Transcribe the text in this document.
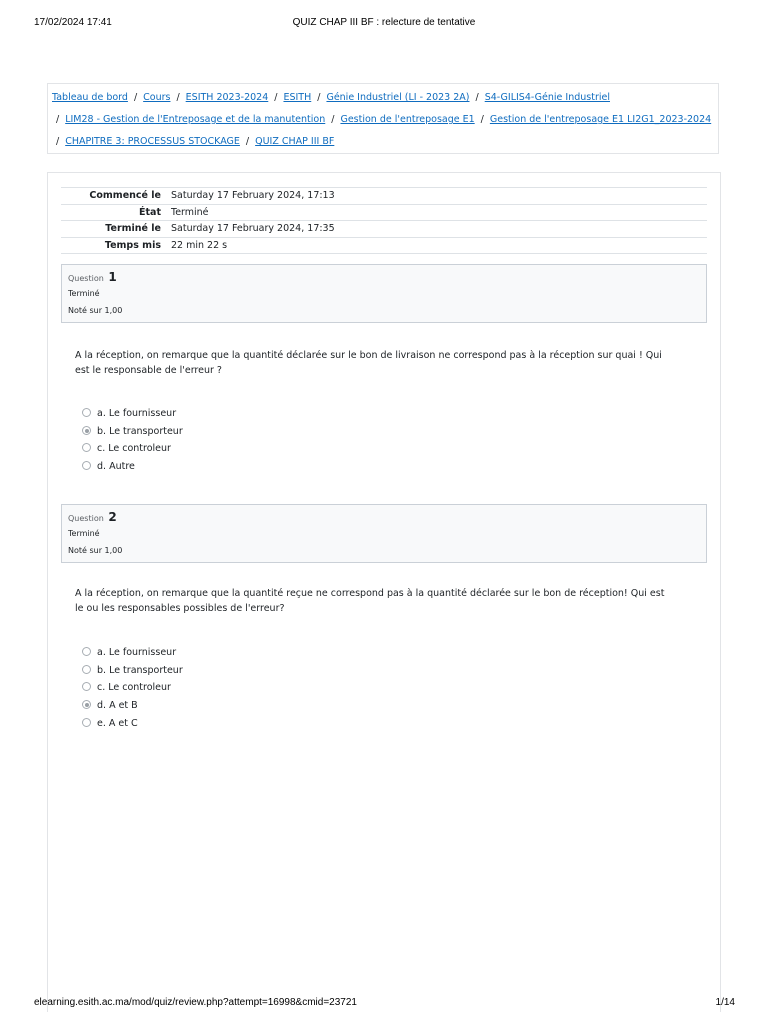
17/02/2024 17:41	QUIZ CHAP III BF : relecture de tentative
Tableau de bord / Cours / ESITH 2023-2024 / ESITH / Génie Industriel (LI - 2023 2A) / S4-GILIS4-Génie Industriel
/ LIM28 - Gestion de l'Entreposage et de la manutention / Gestion de l'entreposage E1 / Gestion de l'entreposage E1 LI2G1_2023-2024
/ CHAPITRE 3: PROCESSUS STOCKAGE / QUIZ CHAP III BF
Commencé le	Saturday 17 February 2024, 17:13
État	Terminé
Terminé le	Saturday 17 February 2024, 17:35
Temps mis	22 min 22 s
Question 1
Terminé
Noté sur 1,00
A la réception, on remarque que la quantité déclarée sur le bon de livraison ne correspond pas à la réception sur quai ! Qui est le responsable de l'erreur ?
a. Le fournisseur
b. Le transporteur
c. Le controleur
d. Autre
Question 2
Terminé
Noté sur 1,00
A la réception, on remarque que la quantité reçue ne correspond pas à la quantité déclarée sur le bon de réception! Qui est le ou les responsables possibles de l'erreur?
a. Le fournisseur
b. Le transporteur
c. Le controleur
d. A et B
e. A et C
elearning.esith.ac.ma/mod/quiz/review.php?attempt=16998&cmid=23721	1/14
